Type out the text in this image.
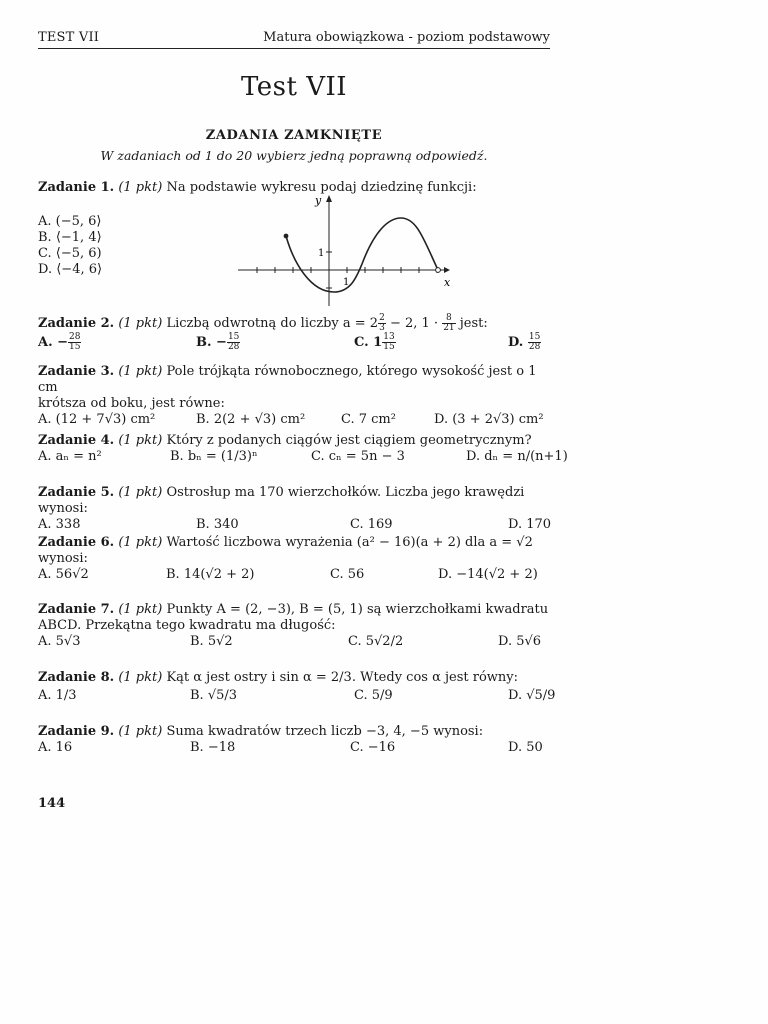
TEST VII	Matura obowiązkowa - poziom podstawowy
Test VII
ZADANIA ZAMKNIĘTE
W zadaniach od 1 do 20 wybierz jedną poprawną odpowiedź.
Zadanie 1. (1 pkt) Na podstawie wykresu podaj dziedzinę funkcji:
A. (−5, 6⟩
B. ⟨−1, 4⟩
C. ⟨−5, 6)
D. ⟨−4, 6⟩
y
x
1
1
Zadanie 2. (1 pkt) Liczbą odwrotną do liczby $a = 2 \frac{2}{3} - 2$, $1 \cdot \frac{8}{21}$ jest:
A. − $\frac{28}{15}$	B. − $\frac{15}{28}$	C. $1 \frac{13}{15}$	D. $\frac{15}{28}$
Zadanie 3. (1 pkt) Pole trójkąta równobocznego, którego wysokość jest o 1 cm
krótsza od boku, jest równe:
A. (12 + 7√3) cm²	B. 2(2 + √3) cm²	C. 7 cm²	D. (3 + 2√3) cm²
Zadanie 4. (1 pkt) Który z podanych ciągów jest ciągiem geometrycznym?
A. aₙ = n²	B. bₙ = (1/3)ⁿ	C. cₙ = 5n − 3	D. dₙ = n/(n+1)
Zadanie 5. (1 pkt) Ostrosłup ma 170 wierzchołków. Liczba jego krawędzi wynosi:
A. 338	B. 340	C. 169	D. 170
Zadanie 6. (1 pkt) Wartość liczbowa wyrażenia (a² − 16)(a + 2) dla a = √2
wynosi:
A. 56√2	B. 14(√2 + 2)	C. 56	D. −14(√2 + 2)
Zadanie 7. (1 pkt) Punkty A = (2, −3), B = (5, 1) są wierzchołkami kwadratu
ABCD. Przekątna tego kwadratu ma długość:
A. 5√3	B. 5√2	C. 5√2/2	D. 5√6
Zadanie 8. (1 pkt) Kąt α jest ostry i sin α = 2/3. Wtedy cos α jest równy:
A. 1/3	B. √5/3	C. 5/9	D. √5/9
Zadanie 9. (1 pkt) Suma kwadratów trzech liczb −3, 4, −5 wynosi:
A. 16	B. −18	C. −16	D. 50
144
